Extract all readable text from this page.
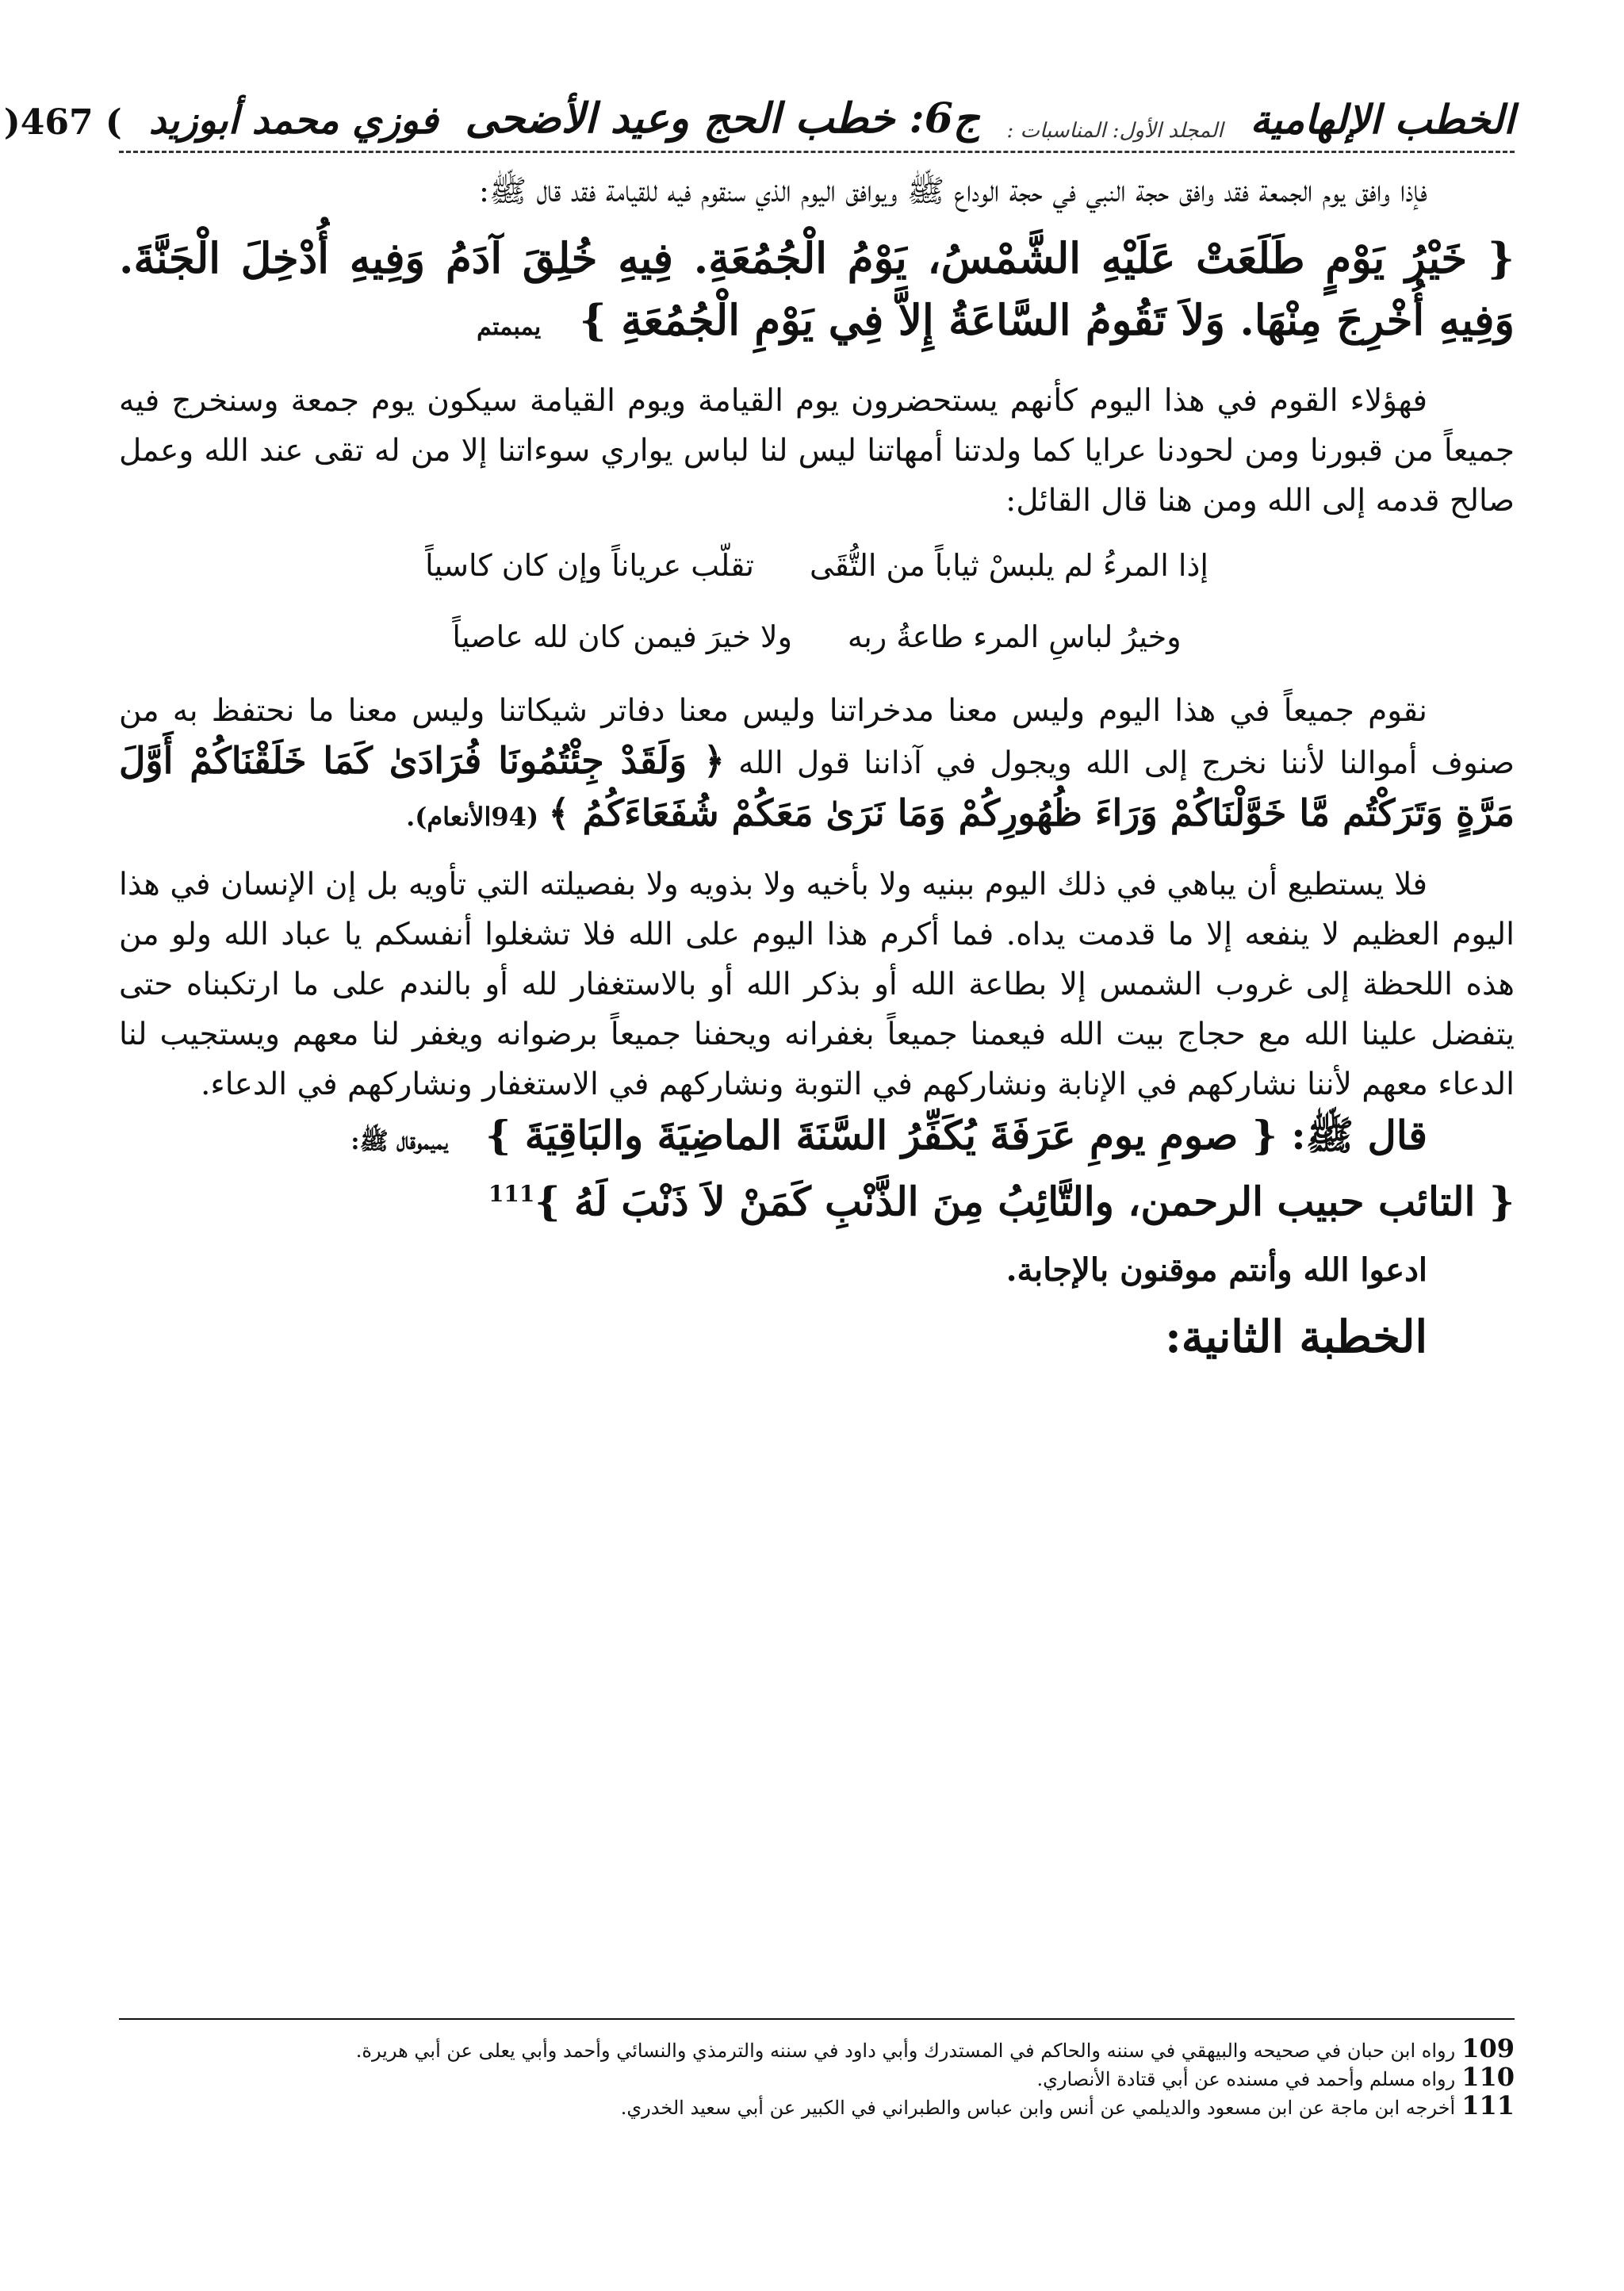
الخطب الإلهامية
المجلد الأول: المناسبات :
ج6: خطب الحج وعيد الأضحى
فوزي محمد أبوزيد
) 467(

فإذا وافق يوم الجمعة فقد وافق حجة النبي في حجة الوداع ﷺ ويوافق اليوم الذي سنقوم فيه للقيامة فقد قال ﷺ:

{ خَيْرُ يَوْمٍ طَلَعَتْ عَلَيْهِ الشَّمْسُ، يَوْمُ الْجُمُعَةِ. فِيهِ خُلِقَ آدَمُ وَفِيهِ أُدْخِلَ الْجَنَّةَ. وَفِيهِ أُخْرِجَ مِنْهَا. وَلاَ تَقُومُ السَّاعَةُ إِلاَّ فِي يَوْمِ الْجُمُعَةِ } يمبمتم

فهؤلاء القوم في هذا اليوم كأنهم يستحضرون يوم القيامة ويوم القيامة سيكون يوم جمعة وسنخرج فيه جميعاً من قبورنا ومن لحودنا عرايا كما ولدتنا أمهاتنا ليس لنا لباس يواري سوءاتنا إلا من له تقى عند الله وعمل صالح قدمه إلى الله ومن هنا قال القائل:

إذا المرءُ لم يلبسْ ثياباً من التُّقَى
تقلّب عرياناً وإن كان كاسياً
وخيرُ لباسِ المرء طاعةُ ربه
ولا خيرَ فيمن كان لله عاصياً

نقوم جميعاً في هذا اليوم وليس معنا مدخراتنا وليس معنا دفاتر شيكاتنا وليس معنا ما نحتفظ به من صنوف أموالنا لأننا نخرج إلى الله ويجول في آذاننا قول الله ﴿ وَلَقَدْ جِئْتُمُونَا فُرَادَىٰ كَمَا خَلَقْنَاكُمْ أَوَّلَ مَرَّةٍ وَتَرَكْتُم مَّا خَوَّلْنَاكُمْ وَرَاءَ ظُهُورِكُمْ وَمَا نَرَىٰ مَعَكُمْ شُفَعَاءَكُمُ ﴾ (94الأنعام).

فلا يستطيع أن يباهي في ذلك اليوم ببنيه ولا بأخيه ولا بذويه ولا بفصيلته التي تأويه بل إن الإنسان في هذا اليوم العظيم لا ينفعه إلا ما قدمت يداه. فما أكرم هذا اليوم على الله فلا تشغلوا أنفسكم يا عباد الله ولو من هذه اللحظة إلى غروب الشمس إلا بطاعة الله أو بذكر الله أو بالاستغفار لله أو بالندم على ما ارتكبناه حتى يتفضل علينا الله مع حجاج بيت الله فيعمنا جميعاً بغفرانه ويحفنا جميعاً برضوانه ويغفر لنا معهم ويستجيب لنا الدعاء معهم لأننا نشاركهم في الإنابة ونشاركهم في التوبة ونشاركهم في الاستغفار ونشاركهم في الدعاء.

قال ﷺ: { صومِ يومِ عَرَفَةَ يُكَفِّرُ السَّنَةَ الماضِيَةَ والبَاقِيَةَ } يميموقال ﷺ:

{ التائب حبيب الرحمن، والتَّائِبُ مِنَ الذَّنْبِ كَمَنْ لاَ ذَنْبَ لَهُ }$^{111}$

ادعوا الله وأنتم موقنون بالإجابة.

الخطبة الثانية:

109رواه ابن حبان في صحيحه والبيهقي في سننه والحاكم في المستدرك وأبي داود في سننه والترمذي والنسائي وأحمد وأبي يعلى عن أبي هريرة.
110رواه مسلم وأحمد في مسنده عن أبي قتادة الأنصاري.
111أخرجه ابن ماجة عن ابن مسعود والديلمي عن أنس وابن عباس والطبراني في الكبير عن أبي سعيد الخدري.
